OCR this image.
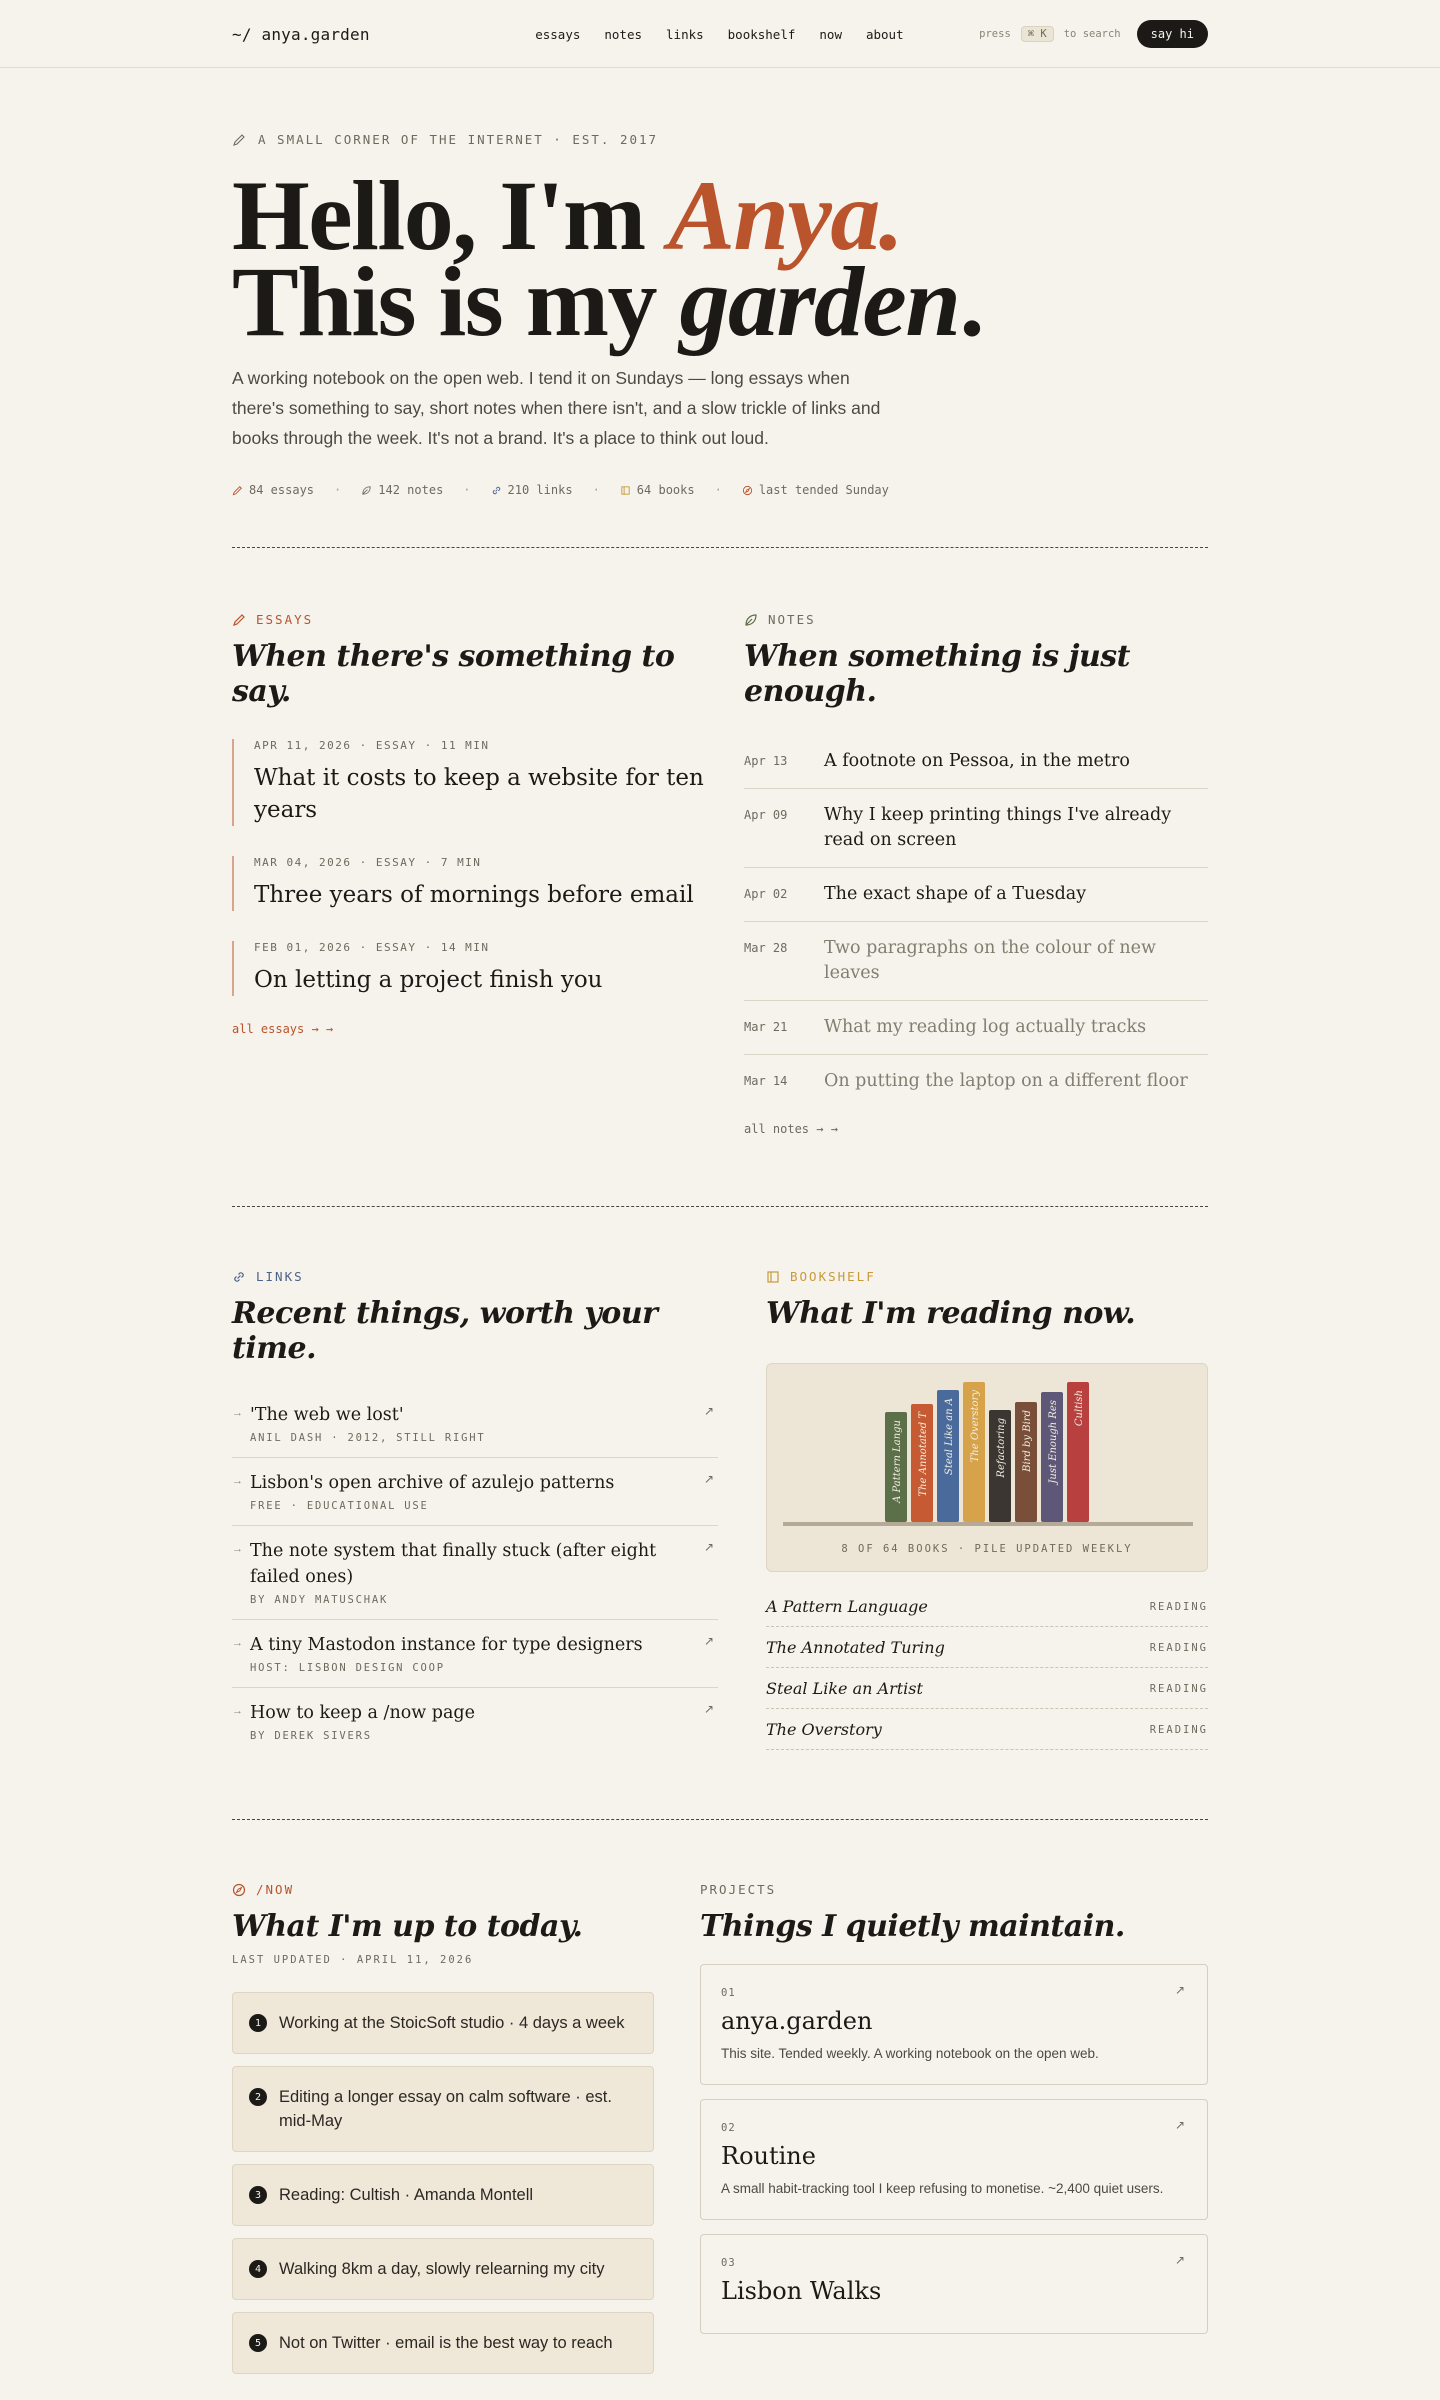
~/ anya.garden	essays notes links bookshelf now about	press	⌘ K	to search	say hi
A SMALL CORNER OF THE INTERNET · EST. 2017
Hello, I'm Anya.
This is my garden.

A working notebook on the open web. I tend it on Sundays — long essays when there's something to say, short notes when there isn't, and a slow trickle of links and books through the week. It's not a brand. It's a place to think out loud.

84 essays ·	142 notes ·	210 links ·	64 books ·	last tended Sunday
ESSAYS
When there's something to say.
APR 11, 2026 · ESSAY · 11 MIN
What it costs to keep a website for ten years
MAR 04, 2026 · ESSAY · 7 MIN
Three years of mornings before email
FEB 01, 2026 · ESSAY · 14 MIN
On letting a project finish you
all essays → →
NOTES
When something is just enough.
Apr 13	A footnote on Pessoa, in the metro
Apr 09	Why I keep printing things I've already read on screen
Apr 02	The exact shape of a Tuesday
Mar 28	Two paragraphs on the colour of new leaves
Mar 21	What my reading log actually tracks
Mar 14	On putting the laptop on a different floor
all notes → →
LINKS
Recent things, worth your time.
→ 'The web we lost'
ANIL DASH · 2012, STILL RIGHT
↗
→ Lisbon's open archive of azulejo patterns
FREE · EDUCATIONAL USE
↗
→ The note system that finally stuck (after eight failed ones)
BY ANDY MATUSCHAK
↗
→ A tiny Mastodon instance for type designers
HOST: LISBON DESIGN COOP
↗
→ How to keep a /now page
BY DEREK SIVERS
↗
BOOKSHELF
What I'm reading now.
A Pattern Langu The Annotated T Steal Like an A The Overstory Refactoring Bird by Bird Just Enough Res Cultish
8 OF 64 BOOKS · PILE UPDATED WEEKLY
A Pattern Language	READING
The Annotated Turing	READING
Steal Like an Artist	READING
The Overstory	READING
/NOW
What I'm up to today.
LAST UPDATED · APRIL 11, 2026
1	Working at the StoicSoft studio · 4 days a week
2	Editing a longer essay on calm software · est. mid-May
3	Reading: Cultish · Amanda Montell
4	Walking 8km a day, slowly relearning my city
5	Not on Twitter · email is the best way to reach
PROJECTS
Things I quietly maintain.
01
anya.garden
This site. Tended weekly. A working notebook on the open web.
↗
02
Routine
A small habit-tracking tool I keep refusing to monetise. ~2,400 quiet users.
↗
03
Lisbon Walks
↗
